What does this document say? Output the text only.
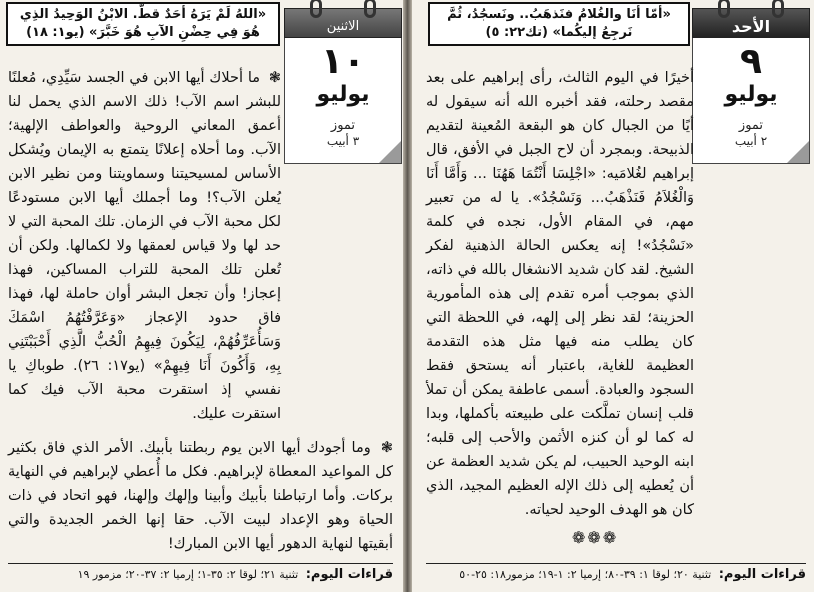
«اللهُ لَمْ يَرَهُ أحَدٌ قطّ. الابْنُ الوَحِيدُ الذِي هُوَ فِي حِضْنِ الآبِ هُوَ خَبَّرَ» (يو١: ١٨)	الاثنين
١٠
يوليو
تموز
٣ أبيب

❃ ما أحلاك أيها الابن في الجسد سَيِّدِي، مُعلنًا للبشر اسم الآب! ذلك الاسم الذي يحمل لنا أعمق المعاني الروحية والعواطف الإلهية؛ الآب. وما أحلاه إعلانًا يتمتع به الإيمان ويُشكل الأساس لمسيحيتنا وسماويتنا ومن نظير الابن يُعلن الآب؟! وما أجملك أيها الابن مستودعًا لكل محبة الآب في الزمان. تلك المحبة التي لا حد لها ولا قياس لعمقها ولا لكمالها. ولكن أن تُعلن تلك المحبة للتراب المساكين، فهذا إعجاز! وأن تجعل البشر أوان حاملة لها، فهذا فاق حدود الإعجاز «وَعَرَّفْتُهُمُ اسْمَكَ وَسَأُعَرِّفُهُمْ، لِيَكُونَ فِيهِمُ الْحُبُّ الَّذِي أَحْبَبْتَنِي بِهِ، وَأَكُونَ أَنَا فِيهِمْ» (يو١٧: ٢٦). طوباكِ يا نفسي إذ استقرت محبة الآب فيك كما استقرت عليك.

❃ وما أجودك أيها الابن يوم ربطتنا بأبيك. الأمر الذي فاق بكثير كل المواعيد المعطاة لإبراهيم. فكل ما أُعطي لإبراهيم في النهاية بركات. وأما ارتباطنا بأبيك وأبينا وإلهك وإلهنا، فهو اتحاد في ذات الحياة وهو الإعداد لبيت الآب. حقا إنها الخمر الجديدة والتي أبقيتها لنهاية الدهور أيها الابن المبارك!

قراءات اليوم: تثنية ٢١؛ لوقا ٢: ٣٥-١؛ إرميا ٢: ٣٧-٢٠؛ مزمور ١٩
«أمّا أنَا والغُلامُ فنَذهَبُ.. ونَسجُدُ، ثُمَّ نَرجِعُ إليكُما» (تك٢٢: ٥)	الأحد
٩
يوليو
تموز
٢ أبيب

أخيرًا في اليوم الثالث، رأى إبراهيم على بعد مقصد رحلته، فقد أخبره الله أنه سيقول له أيًا من الجبال كان هو البقعة المُعينة لتقديم الذبيحة. وبمجرد أن لاح الجبل في الأفق، قال إبراهيم لغُلامَيه: «اجْلِسَا أَنْتُمَا هَهُنَا ... وَأَمَّا أَنَا وَالْغُلاَمُ فَنَذْهَبُ... وَنَسْجُدُ». يا له من تعبير مهم، في المقام الأول، نجده في كلمة «نَسْجُدُ»! إنه يعكس الحالة الذهنية لفكر الشيخ. لقد كان شديد الانشغال بالله في ذاته، الذي بموجب أمره تقدم إلى هذه المأمورية الحزينة؛ لقد نظر إلى إلهه، في اللحظة التي كان يطلب منه فيها مثل هذه التقدمة العظيمة للغاية، باعتبار أنه يستحق فقط السجود والعبادة. أسمى عاطفة يمكن أن تملأ قلب إنسان تملَّكت على طبيعته بأكملها، وبدا له كما لو أن كنزه الأثمن والأحب إلى قلبه؛ ابنه الوحيد الحبيب، لم يكن شديد العظمة عن أن يُعطيه إلى ذلك الإله العظيم المجيد، الذي كان هو الهدف الوحيد لحياته.

❁❁❁
قراءات اليوم: تثنية ٢٠؛ لوقا ١: ٣٩-٨٠؛ إرميا ٢: ١-١٩؛ مزمور١٨: ٢٥-٥٠
